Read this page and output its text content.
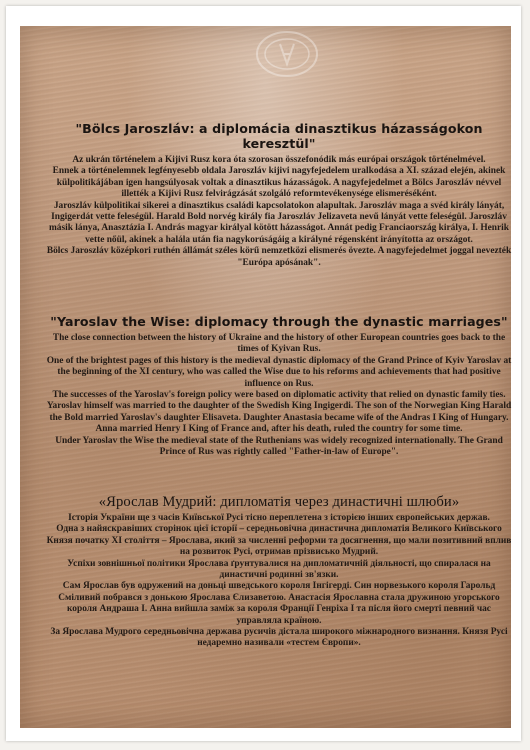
"Bölcs Jaroszláv: a diplomácia dinasztikus házasságokon keresztül"

Az ukrán történelem a Kijivi Rusz kora óta szorosan összefonódik más európai országok történelmével.

Ennek a történelemnek legfényesebb oldala Jaroszláv kijivi nagyfejedelem uralkodása a XI. század elején, akinek külpolitikájában igen hangsúlyosak voltak a dinasztikus házasságok. A nagyfejedelmet a Bölcs Jaroszláv névvel illették a Kijivi Rusz felvirágzását szolgáló reformtevékenysége elismeréséként.

Jaroszláv külpolitikai sikerei a dinasztikus családi kapcsolatokon alapultak. Jaroszláv maga a svéd király lányát, Ingigerdát vette feleségül. Harald Bold norvég király fia Jaroszláv Jelizaveta nevű lányát vette feleségül. Jaroszláv másik lánya, Anasztázia I. András magyar királyal kötött házasságot. Annát pedig Franciaország királya, I. Henrik vette nőül, akinek a halála után fia nagykorúságáig a királyné régensként irányította az országot.

Bölcs Jaroszláv középkori ruthén állámát széles körű nemzetközi elismerés övezte. A nagyfejedelmet joggal nevezték "Európa apósának".

"Yaroslav the Wise: diplomacy through the dynastic marriages"

The close connection between the history of Ukraine and the history of other European countries goes back to the times of Kyivan Rus.

One of the brightest pages of this history is the medieval dynastic diplomacy of the Grand Prince of Kyiv Yaroslav at the beginning of the XI century, who was called the Wise due to his reforms and achievements that had positive influence on Rus.

The successes of the Yaroslav's foreign policy were based on diplomatic activity that relied on dynastic family ties. Yaroslav himself was married to the daughter of the Swedish King Ingigerdi. The son of the Norwegian King Harald the Bold married Yaroslav's daughter Elisaveta. Daughter Anastasia became wife of the Andras I King of Hungary. Anna married Henry I King of France and, after his death, ruled the country for some time.

Under Yaroslav the Wise the medieval state of the Ruthenians was widely recognized internationally. The Grand Prince of Rus was rightly called "Father-in-law of Europe".

«Ярослав Мудрий: дипломатія через династичні шлюби»

Історія України ще з часів Київської Русі тісно переплетена з історією інших європейських держав.

Одна з найяскравіших сторінок цієї історії – середньовічна династична дипломатія Великого Київського Князя початку XI століття – Ярослава, який за численні реформи та досягнення, що мали позитивний вплив на розвиток Русі, отримав прізвисько Мудрий.

Успіхи зовнішньої політики Ярослава ґрунтувалися на дипломатичній діяльності, що спиралася на династичні родинні зв'язки.

Сам Ярослав був одружений на доньці шведського короля Інгігерді. Син норвезького короля Гарольд Сміливий побрався з донькою Ярослава Єлизаветою. Анастасія Ярославна стала дружиною угорського короля Андраша І. Анна вийшла заміж за короля Франції Генріха І та після його смерті певний час управляла країною.

За Ярослава Мудрого середньовічна держава русичів дістала широкого міжнародного визнання. Князя Русі недаремно називали «тестем Європи».
